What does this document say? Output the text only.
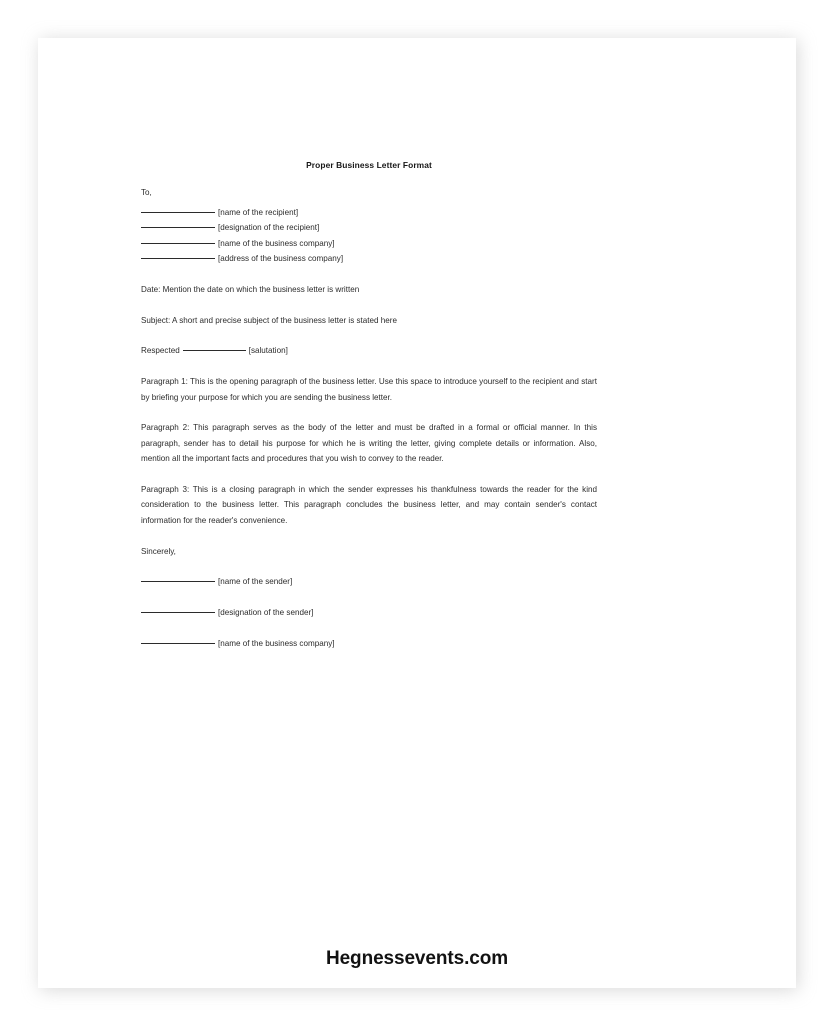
Proper Business Letter Format

To,

[name of the recipient]

[designation of the recipient]

[name of the business company]

[address of the business company]

Date: Mention the date on which the business letter is written

Subject: A short and precise subject of the business letter is stated here

Respected	[salutation]

Paragraph 1: This is the opening paragraph of the business letter. Use this space to introduce yourself to the recipient and start by briefing your purpose for which you are sending the business letter.

Paragraph 2: This paragraph serves as the body of the letter and must be drafted in a formal or official manner. In this paragraph, sender has to detail his purpose for which he is writing the letter, giving complete details or information. Also, mention all the important facts and procedures that you wish to convey to the reader.

Paragraph 3: This is a closing paragraph in which the sender expresses his thankfulness towards the reader for the kind consideration to the business letter. This paragraph concludes the business letter, and may contain sender's contact information for the reader's convenience.

Sincerely,

[name of the sender]

[designation of the sender]

[name of the business company]

Hegnessevents.com
